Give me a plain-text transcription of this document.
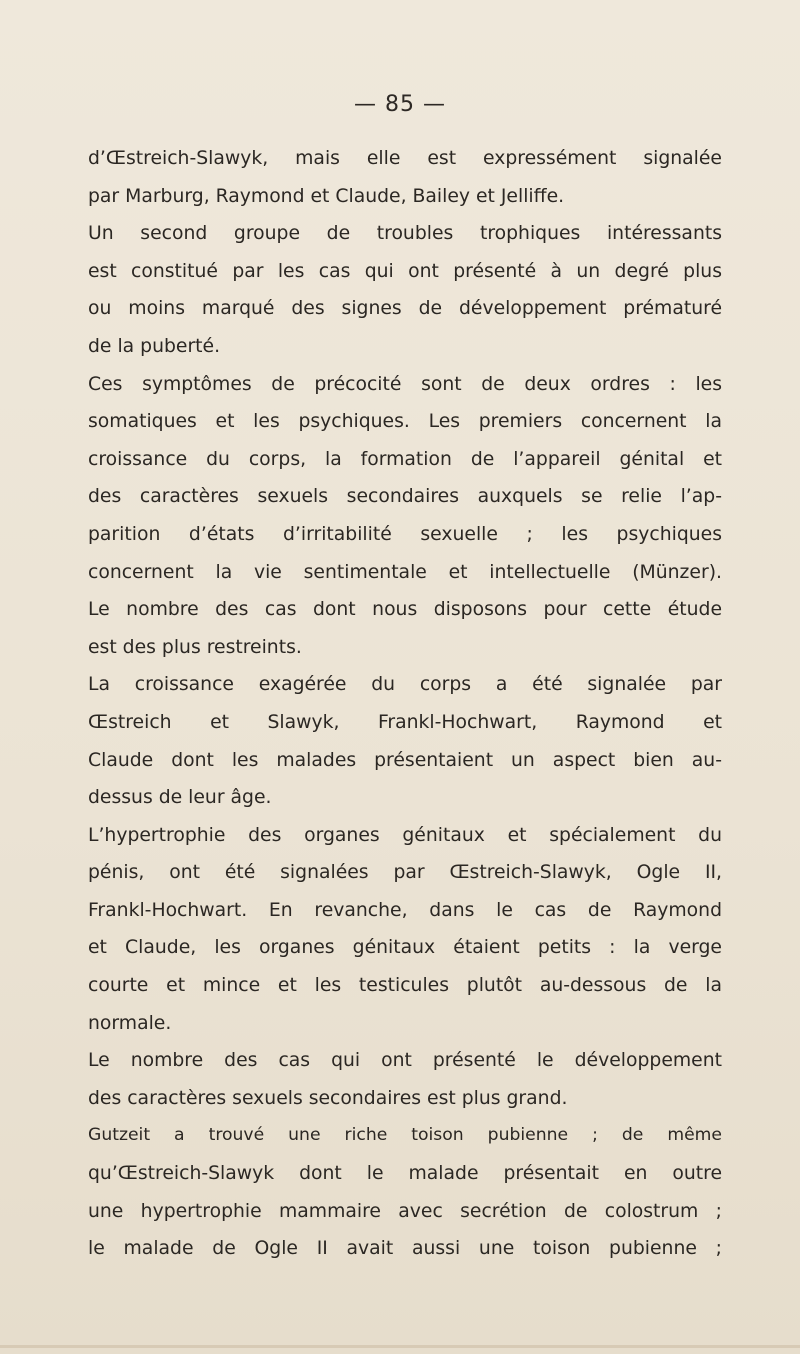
— 85 —
d’Œstreich-Slawyk, mais elle est expressément signalée
par Marburg, Raymond et Claude, Bailey et Jelliffe.
Un second groupe de troubles trophiques intéressants
est constitué par les cas qui ont présenté à un degré plus
ou moins marqué des signes de développement prématuré
de la puberté.
Ces symptômes de précocité sont de deux ordres : les
somatiques et les psychiques. Les premiers concernent la
croissance du corps, la formation de l’appareil génital et
des caractères sexuels secondaires auxquels se relie l’ap-
parition d’états d’irritabilité sexuelle ; les psychiques
concernent la vie sentimentale et intellectuelle (Münzer).
Le nombre des cas dont nous disposons pour cette étude
est des plus restreints.
La croissance exagérée du corps a été signalée par
Œstreich et Slawyk, Frankl-Hochwart, Raymond et
Claude dont les malades présentaient un aspect bien au-
dessus de leur âge.
L’hypertrophie des organes génitaux et spécialement du
pénis, ont été signalées par Œstreich-Slawyk, Ogle II,
Frankl-Hochwart. En revanche, dans le cas de Raymond
et Claude, les organes génitaux étaient petits : la verge
courte et mince et les testicules plutôt au-dessous de la
normale.
Le nombre des cas qui ont présenté le développement
des caractères sexuels secondaires est plus grand.
Gutzeit a trouvé une riche toison pubienne ; de même
qu’Œstreich-Slawyk dont le malade présentait en outre
une hypertrophie mammaire avec secrétion de colostrum ;
le malade de Ogle II avait aussi une toison pubienne ;
